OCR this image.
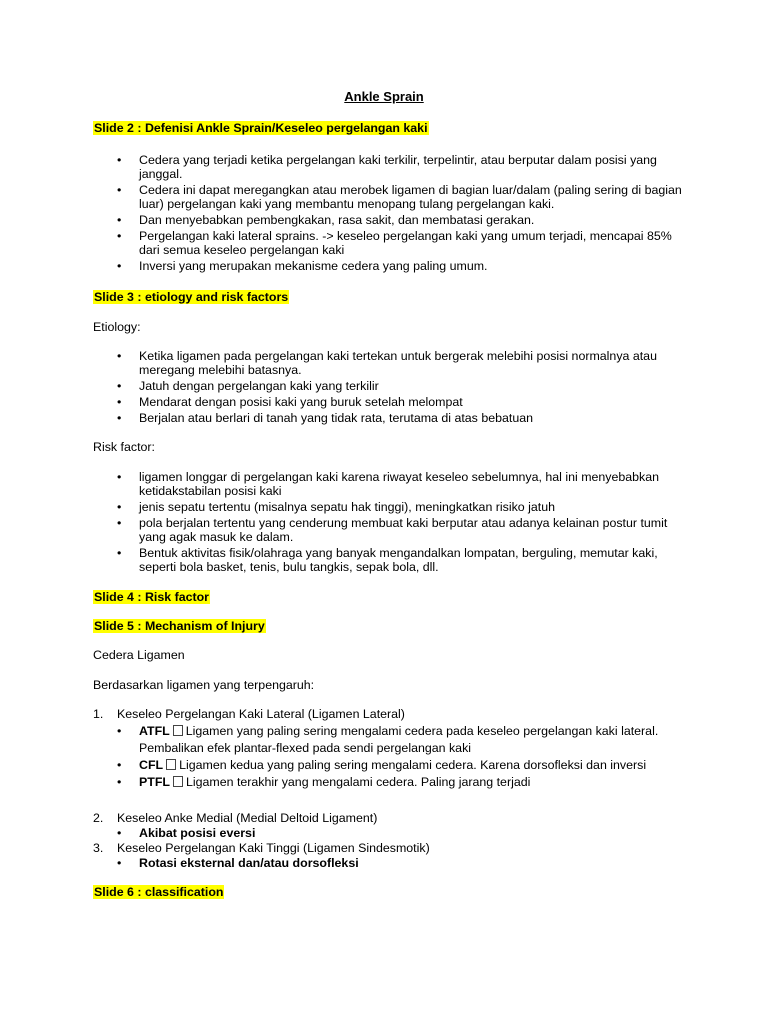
Ankle Sprain

Slide 2 : Defenisi Ankle Sprain/Keseleo pergelangan kaki

•	Cedera yang terjadi ketika pergelangan kaki terkilir, terpelintir, atau berputar dalam posisi yang janggal.
•	Cedera ini dapat meregangkan atau merobek ligamen di bagian luar/dalam (paling sering di bagian luar) pergelangan kaki yang membantu menopang tulang pergelangan kaki.
•	Dan menyebabkan pembengkakan, rasa sakit, dan membatasi gerakan.
•	Pergelangan kaki lateral sprains. -> keseleo pergelangan kaki yang umum terjadi, mencapai 85% dari semua keseleo pergelangan kaki
•	Inversi yang merupakan mekanisme cedera yang paling umum.

Slide 3 : etiology and risk factors

Etiology:

•	Ketika ligamen pada pergelangan kaki tertekan untuk bergerak melebihi posisi normalnya atau meregang melebihi batasnya.
•	Jatuh dengan pergelangan kaki yang terkilir
•	Mendarat dengan posisi kaki yang buruk setelah melompat
•	Berjalan atau berlari di tanah yang tidak rata, terutama di atas bebatuan

Risk factor:

•	ligamen longgar di pergelangan kaki karena riwayat keseleo sebelumnya, hal ini menyebabkan ketidakstabilan posisi kaki
•	jenis sepatu tertentu (misalnya sepatu hak tinggi), meningkatkan risiko jatuh
•	pola berjalan tertentu yang cenderung membuat kaki berputar atau adanya kelainan postur tumit yang agak masuk ke dalam.
•	Bentuk aktivitas fisik/olahraga yang banyak mengandalkan lompatan, berguling, memutar kaki, seperti bola basket, tenis, bulu tangkis, sepak bola, dll.

Slide 4 : Risk factor

Slide 5 : Mechanism of Injury

Cedera Ligamen

Berdasarkan ligamen yang terpengaruh:

1.	Keseleo Pergelangan Kaki Lateral (Ligamen Lateral)
•	ATFL Ligamen yang paling sering mengalami cedera pada keseleo pergelangan kaki lateral. Pembalikan efek plantar-flexed pada sendi pergelangan kaki
•	CFL Ligamen kedua yang paling sering mengalami cedera. Karena dorsofleksi dan inversi
•	PTFL Ligamen terakhir yang mengalami cedera. Paling jarang terjadi
2.	Keseleo Anke Medial (Medial Deltoid Ligament)
•	Akibat posisi eversi
3.	Keseleo Pergelangan Kaki Tinggi (Ligamen Sindesmotik)
•	Rotasi eksternal dan/atau dorsofleksi

Slide 6 : classification
